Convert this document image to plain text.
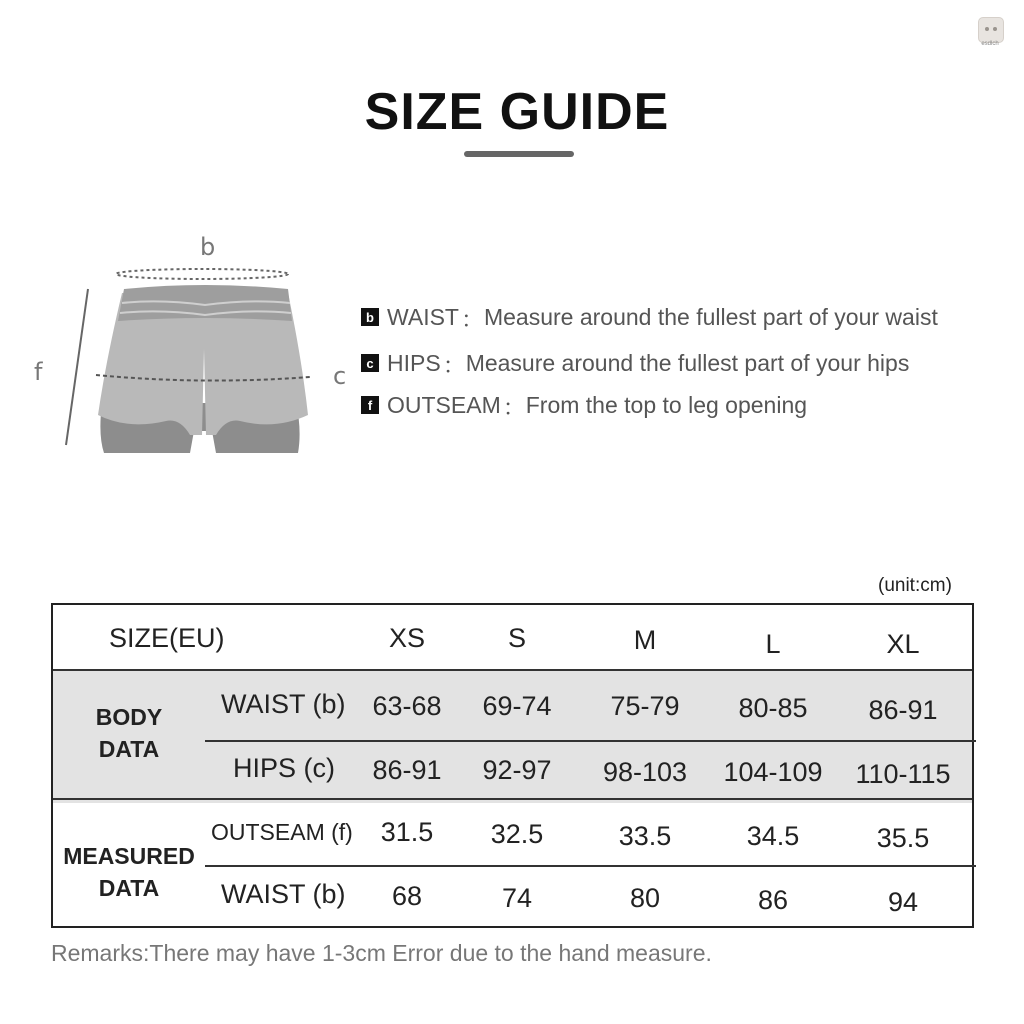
esdlch
SIZE GUIDE
b
c
f
b WAIST ： Measure around the fullest part of your waist
c HIPS ： Measure around the fullest part of your hips
f OUTSEAM ： From the top to leg opening
(unit:cm)
SIZE(EU)	XS	S	M	L	XL
BODY
DATA
MEASURED
DATA
WAIST (b) 63-68	69-74	75-79	80-85	86-91
HIPS (c)	86-91	92-97	98-103 104-109 110-115
OUTSEAM (f)	31.5	32.5	33.5	34.5	35.5
WAIST (b)	68	74	80	86	94
Remarks:There may have 1-3cm Error due to the hand measure.
